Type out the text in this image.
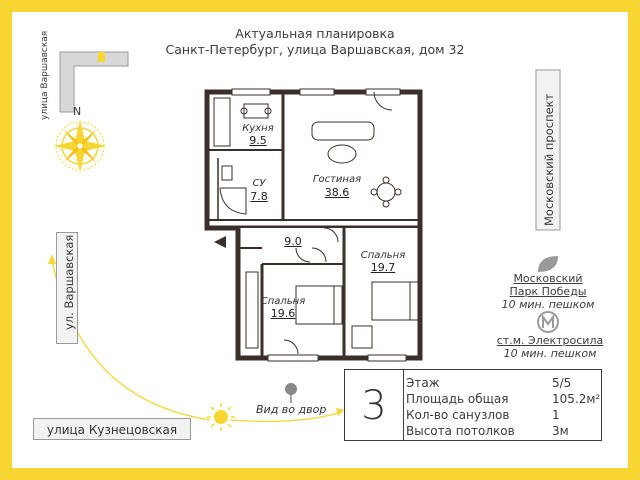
Актуальная планировка
Санкт-Петербург, улица Варшавская, дом 32
улица Варшавская
ул. Варшавская
Московский проспект
улица Кузнецовская
N
Кухня
9.5
Гостиная
38.6
СУ
7.8
9.0
Спальня
19.7
Спальня
19.6
Вид во двор
Московский
Парк Победы
10 мин. пешком
ст.м. Электросила
10 мин. пешком
3	Этаж	5/5
Площадь общая	105.2м²
Кол-во санузлов	1
Высота потолков	3м
